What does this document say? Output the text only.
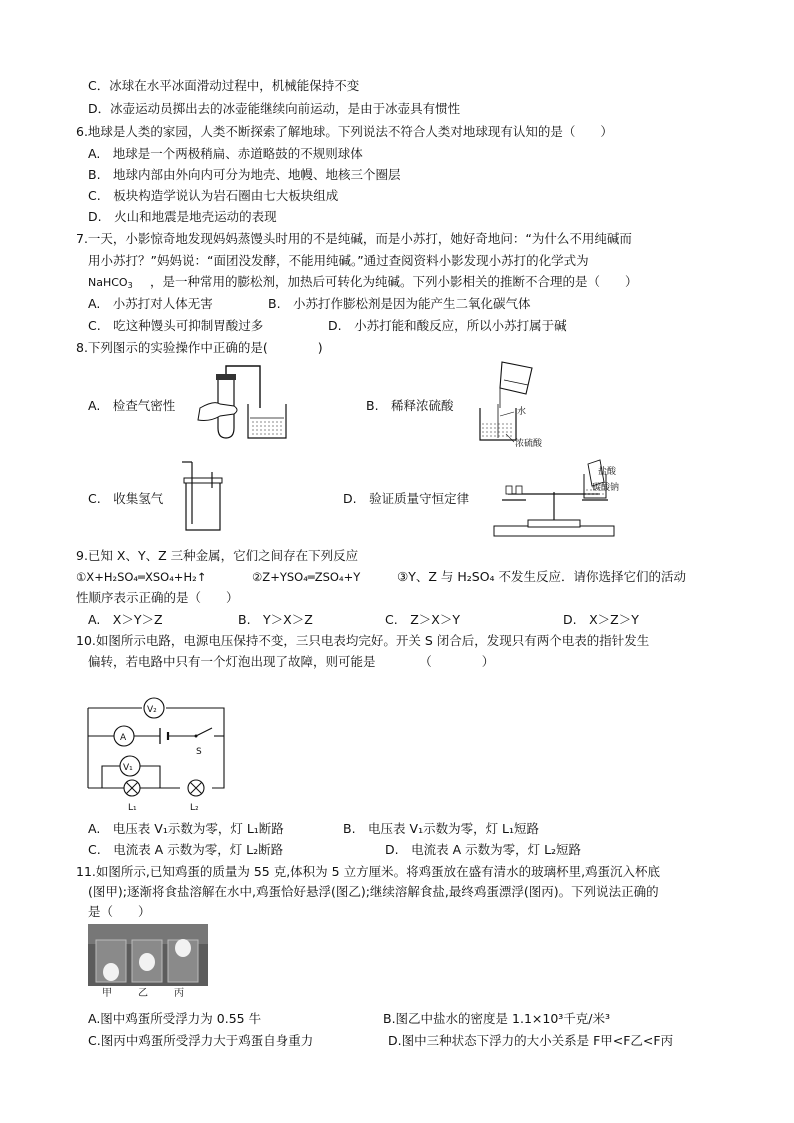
C．冰球在水平冰面滑动过程中，机械能保持不变
D．冰壶运动员掷出去的冰壶能继续向前运动，是由于冰壶具有惯性
6.地球是人类的家园，人类不断探索了解地球。下列说法不符合人类对地球现有认知的是（　　）
A.　地球是一个两极稍扁、赤道略鼓的不规则球体
B.　地球内部由外向内可分为地壳、地幔、地核三个圈层
C.　板块构造学说认为岩石圈由七大板块组成
D.　火山和地震是地壳运动的表现
7.一天，小影惊奇地发现妈妈蒸馒头时用的不是纯碱，而是小苏打，她好奇地问：“为什么不用纯碱而
用小苏打？”妈妈说：“面团没发酵，不能用纯碱。”通过查阅资料小影发现小苏打的化学式为
NaHCO$_3$ ，是一种常用的膨松剂，加热后可转化为纯碱。下列小影相关的推断不合理的是（　　）
A.　小苏打对人体无害	B.　小苏打作膨松剂是因为能产生二氧化碳气体
C.　吃这种馒头可抑制胃酸过多	D.　小苏打能和酸反应，所以小苏打属于碱
8.下列图示的实验操作中正确的是(　　　　)
A.　检查气密性	B.　稀释浓硫酸	水
浓硫酸
C.　收集氢气	D.　验证质量守恒定律
盐酸
碳酸钠
9.已知 X、Y、Z 三种金属，它们之间存在下列反应
①X+H₂SO₄═XSO₄+H₂↑	②Z+YSO₄═ZSO₄+Y	③Y、Z 与 H₂SO₄ 不发生反应．请你选择它们的活动
性顺序表示正确的是（　　）
A.　X＞Y＞Z	B.　Y＞X＞Z	C.　Z＞X＞Y	D.　X＞Z＞Y
10.如图所示电路，电源电压保持不变，三只电表均完好。开关 S 闭合后，发现只有两个电表的指针发生
偏转，若电路中只有一个灯泡出现了故障，则可能是　　　　（　　　　）
V₂
A
S
V₁
L₁	L₂
A.　电压表 V₁示数为零，灯 L₁断路	B.　电压表 V₁示数为零，灯 L₁短路
C.　电流表 A 示数为零，灯 L₂断路	D.　电流表 A 示数为零，灯 L₂短路
11.如图所示,已知鸡蛋的质量为 55 克,体积为 5 立方厘米。将鸡蛋放在盛有清水的玻璃杯里,鸡蛋沉入杯底
(图甲);逐渐将食盐溶解在水中,鸡蛋恰好悬浮(图乙);继续溶解食盐,最终鸡蛋漂浮(图丙)。下列说法正确的
是（　　）
甲	乙	丙
A.图中鸡蛋所受浮力为 0.55 牛	B.图乙中盐水的密度是 1.1×10³千克/米³
C.图丙中鸡蛋所受浮力大于鸡蛋自身重力	D.图中三种状态下浮力的大小关系是 F甲<F乙<F丙
